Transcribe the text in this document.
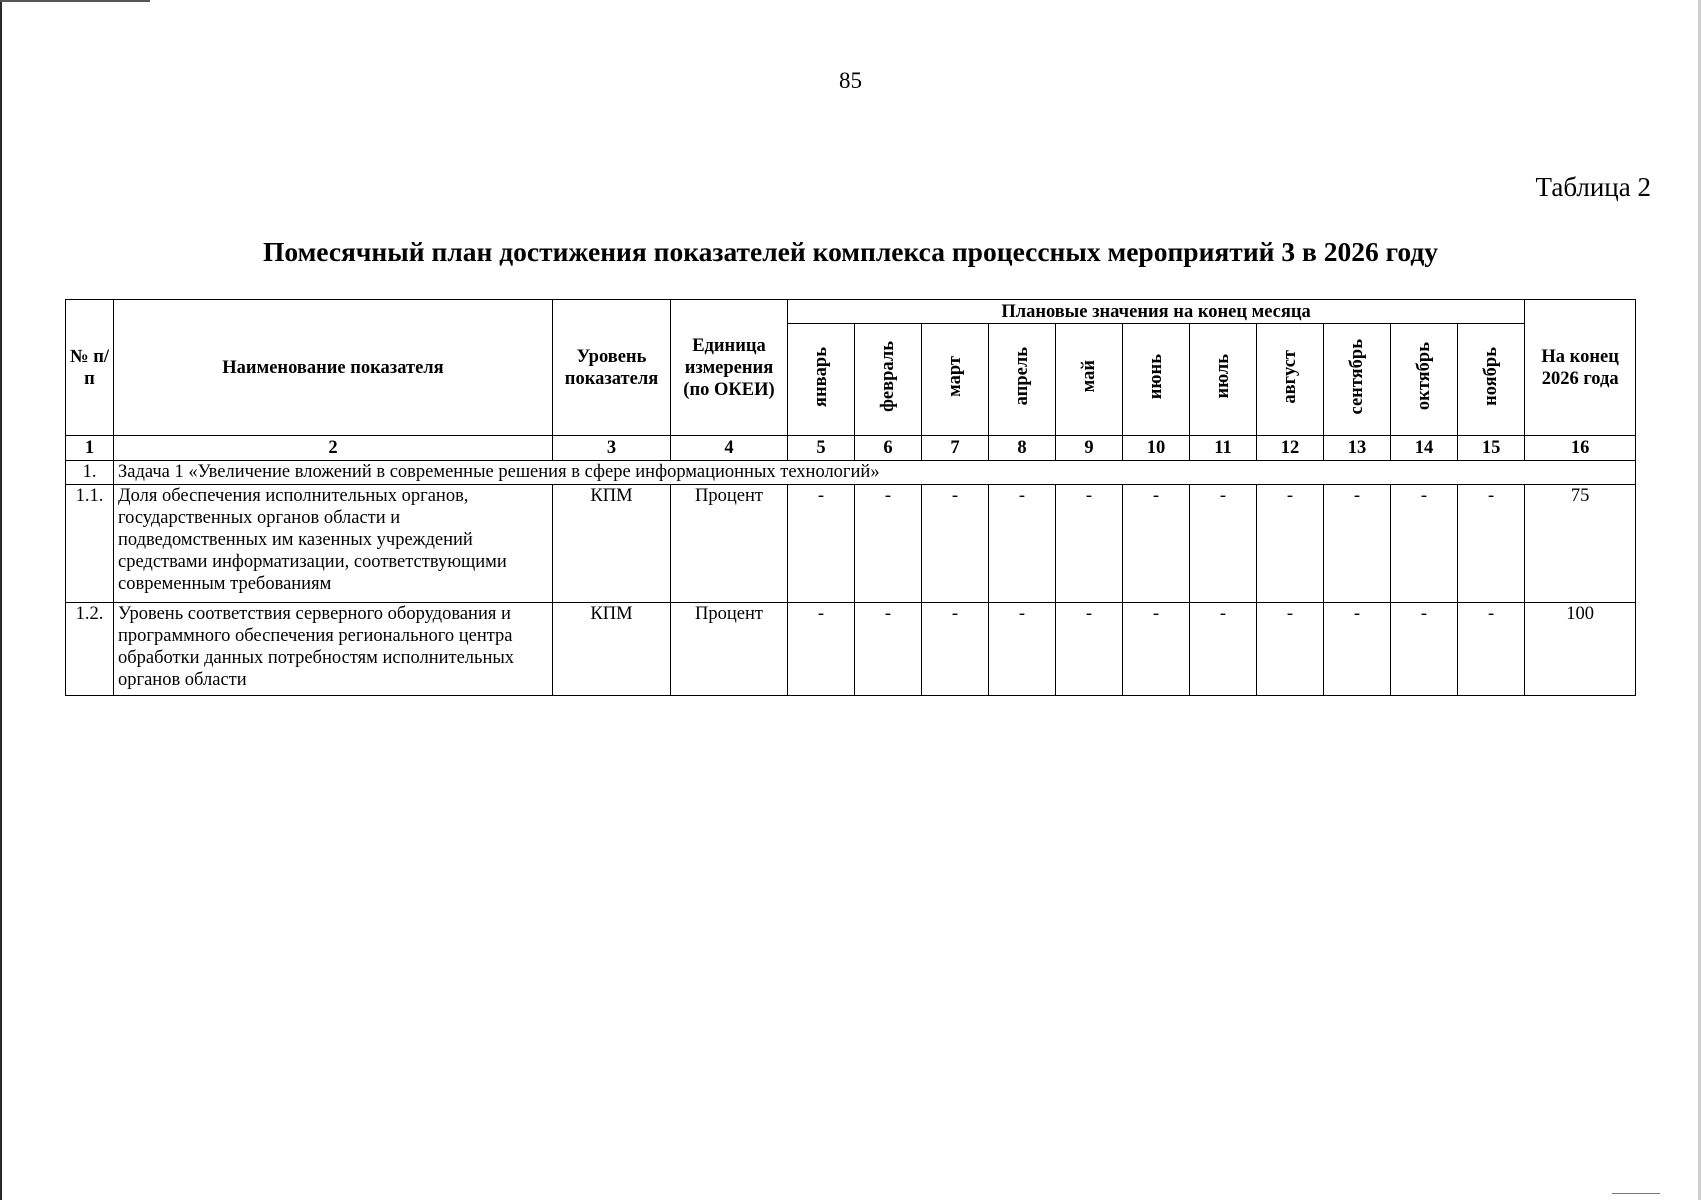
85
Таблица 2
Помесячный план достижения показателей комплекса процессных мероприятий 3 в 2026 году
№ п/п	Наименование показателя	Уровень показателя	Единица измерения (по ОКЕИ)	Плановые значения на конец месяца											На конец 2026 года
				январь	февраль	март	апрель	май	июнь	июль	август	сентябрь	октябрь	ноябрь	
1	2	3	4	5	6	7	8	9	10	11	12	13	14	15	16
1.	Задача 1 «Увеличение вложений в современные решения в сфере информационных технологий»														
1.1.	Доля обеспечения исполнительных органов, государственных органов области и подведомственных им казенных учреждений средствами информатизации, соответствующими современным требованиям	КПМ	Процент	-	-	-	-	-	-	-	-	-	-	-	75
1.2.	Уровень соответствия серверного оборудования и программного обеспечения регионального центра обработки данных потребностям исполнительных органов области	КПМ	Процент	-	-	-	-	-	-	-	-	-	-	-	100
